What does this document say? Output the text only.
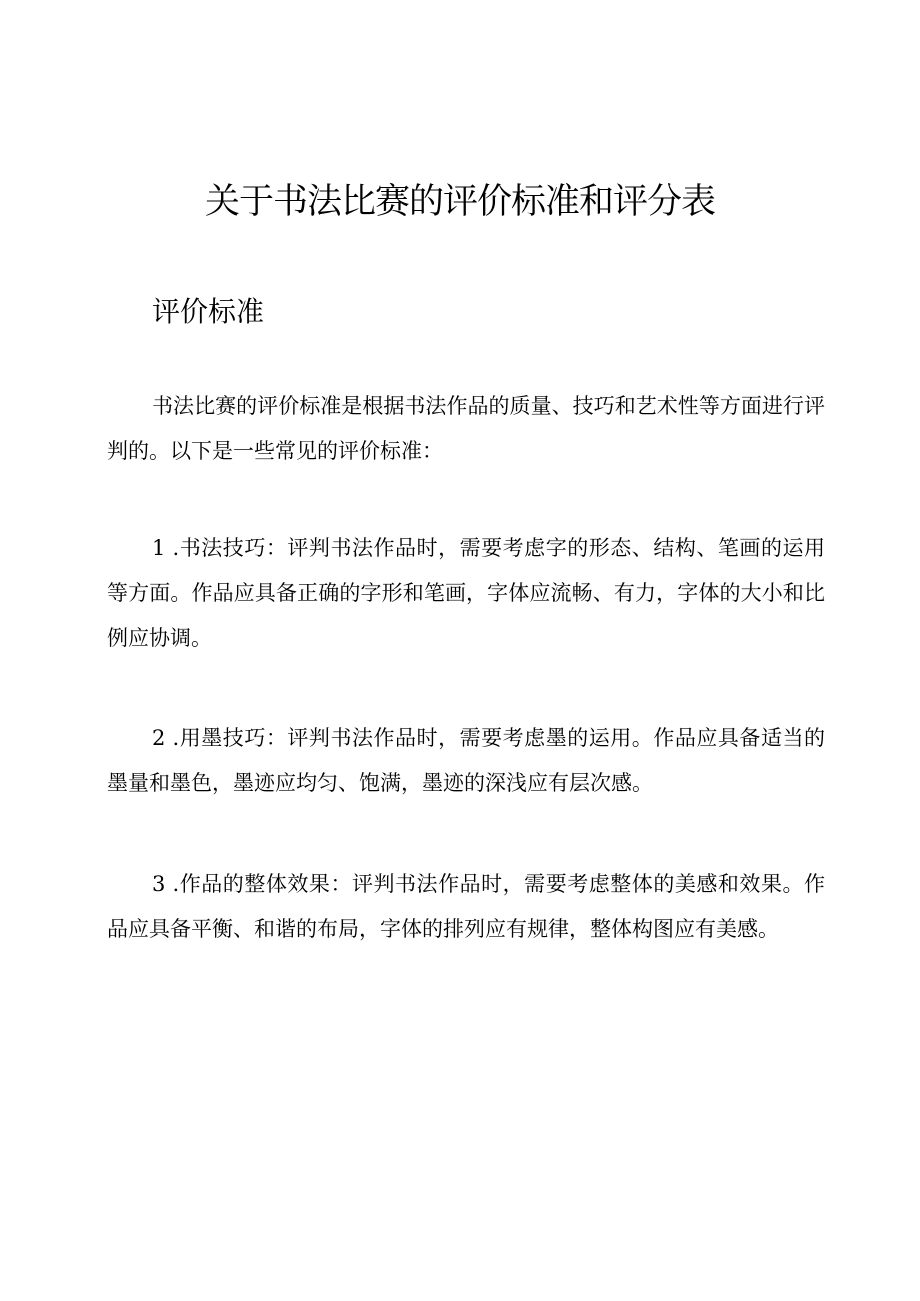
关于书法比赛的评价标准和评分表
评价标准

书法比赛的评价标准是根据书法作品的质量、技巧和艺术性等方面进行评判的。以下是一些常见的评价标准：

1 .书法技巧：评判书法作品时，需要考虑字的形态、结构、笔画的运用等方面。作品应具备正确的字形和笔画，字体应流畅、有力，字体的大小和比例应协调。

2 .用墨技巧：评判书法作品时，需要考虑墨的运用。作品应具备适当的墨量和墨色，墨迹应均匀、饱满，墨迹的深浅应有层次感。

3 .作品的整体效果：评判书法作品时，需要考虑整体的美感和效果。作品应具备平衡、和谐的布局，字体的排列应有规律，整体构图应有美感。
